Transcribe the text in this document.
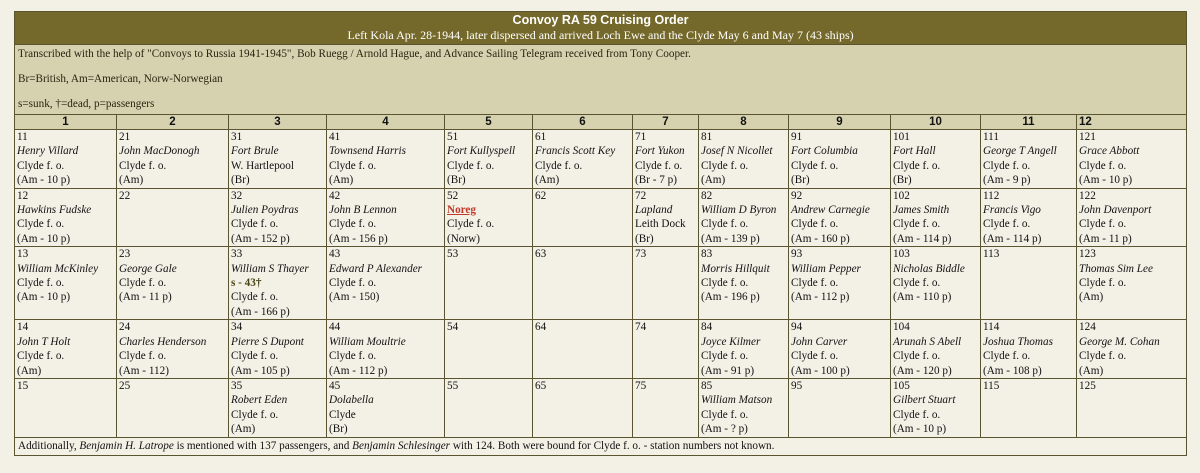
Convoy RA 59 Cruising Order
Left Kola Apr. 28-1944, later dispersed and arrived Loch Ewe and the Clyde May 6 and May 7 (43 ships)											

Transcribed with the help of "Convoys to Russia 1941-1945", Bob Ruegg / Arnold Hague, and Advance Sailing Telegram received from Tony Cooper.

Br=British, Am=American, Norw-Norwegian

s=sunk, †=dead, p=passengers											

1	2	3	4	5	6	7	8	9	10	11	12

11
Henry Villard
Clyde f. o.
(Am - 10 p)	21
John MacDonogh
Clyde f. o.
(Am)	31
Fort Brule
W. Hartlepool
(Br)	41
Townsend Harris
Clyde f. o.
(Am)	51
Fort Kullyspell
Clyde f. o.
(Br)	61
Francis Scott Key
Clyde f. o.
(Am)	71
Fort Yukon
Clyde f. o.
(Br - 7 p)	81
Josef N Nicollet
Clyde f. o.
(Am)	91
Fort Columbia
Clyde f. o.
(Br)	101
Fort Hall
Clyde f. o.
(Br)	111
George T Angell
Clyde f. o.
(Am - 9 p)	121
Grace Abbott
Clyde f. o.
(Am - 10 p)

12
Hawkins Fudske
Clyde f. o.
(Am - 10 p)	22	32
Julien Poydras
Clyde f. o.
(Am - 152 p)	42
John B Lennon
Clyde f. o.
(Am - 156 p)	52
Noreg
Clyde f. o.
(Norw)	62	72
Lapland
Leith Dock
(Br)	82
William D Byron
Clyde f. o.
(Am - 139 p)	92
Andrew Carnegie
Clyde f. o.
(Am - 160 p)	102
James Smith
Clyde f. o.
(Am - 114 p)	112
Francis Vigo
Clyde f. o.
(Am - 114 p)	122
John Davenport
Clyde f. o.
(Am - 11 p)

13
William McKinley
Clyde f. o.
(Am - 10 p)	23
George Gale
Clyde f. o.
(Am - 11 p)	33
William S Thayer
s - 43†
Clyde f. o.
(Am - 166 p)	43
Edward P Alexander
Clyde f. o.
(Am - 150)	53	63	73	83
Morris Hillquit
Clyde f. o.
(Am - 196 p)	93
William Pepper
Clyde f. o.
(Am - 112 p)	103
Nicholas Biddle
Clyde f. o.
(Am - 110 p)	113	123
Thomas Sim Lee
Clyde f. o.
(Am)

14
John T Holt
Clyde f. o.
(Am)	24
Charles Henderson
Clyde f. o.
(Am - 112)	34
Pierre S Dupont
Clyde f. o.
(Am - 105 p)	44
William Moultrie
Clyde f. o.
(Am - 112 p)	54	64	74	84
Joyce Kilmer
Clyde f. o.
(Am - 91 p)	94
John Carver
Clyde f. o.
(Am - 100 p)	104
Arunah S Abell
Clyde f. o.
(Am - 120 p)	114
Joshua Thomas
Clyde f. o.
(Am - 108 p)	124
George M. Cohan
Clyde f. o.
(Am)

15	25	35
Robert Eden
Clyde f. o.
(Am)	45
Dolabella
Clyde
(Br)	55	65	75	85
William Matson
Clyde f. o.
(Am - ? p)	95	105
Gilbert Stuart
Clyde f. o.
(Am - 10 p)	115	125

Additionally, Benjamin H. Latrope is mentioned with 137 passengers, and Benjamin Schlesinger with 124. Both were bound for Clyde f. o. - station numbers not known.											
